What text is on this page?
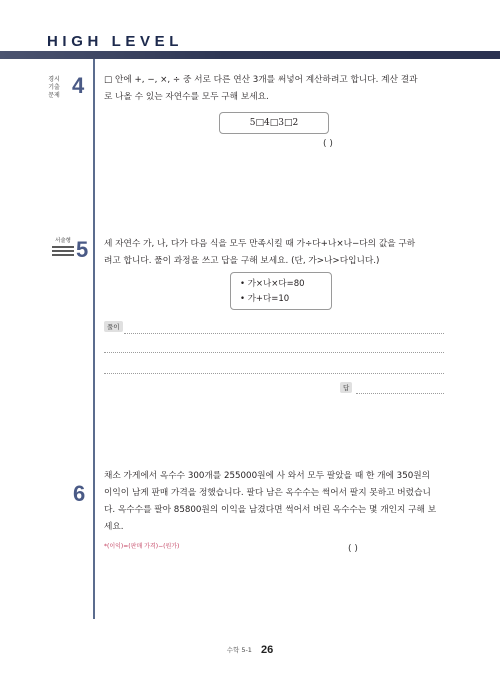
HIGH LEVEL
경시
기출
문제 4 □ 안에 +, −, ×, ÷ 중 서로 다른 연산 3개를 써넣어 계산하려고 합니다. 계산 결과
로 나올 수 있는 자연수를 모두 구해 보세요.
5□4□3□2
( )
서술형 5 세 자연수 가, 나, 다가 다음 식을 모두 만족시킬 때 가÷다+나×나−다의 값을 구하
려고 합니다. 풀이 과정을 쓰고 답을 구해 보세요. (단, 가>나>다입니다.)
• 가×나×다=80
• 가+다=10
풀이
답
6
채소 가게에서 옥수수 300개를 255000원에 사 와서 모두 팔았을 때 한 개에 350원의
이익이 남게 판매 가격을 정했습니다. 팔다 남은 옥수수는 썩어서 팔지 못하고 버렸습니
다. 옥수수를 팔아 85800원의 이익을 남겼다면 썩어서 버린 옥수수는 몇 개인지 구해 보
세요.
*(이익)=(판매 가격)−(원가)	( )
수학 5-1 26
